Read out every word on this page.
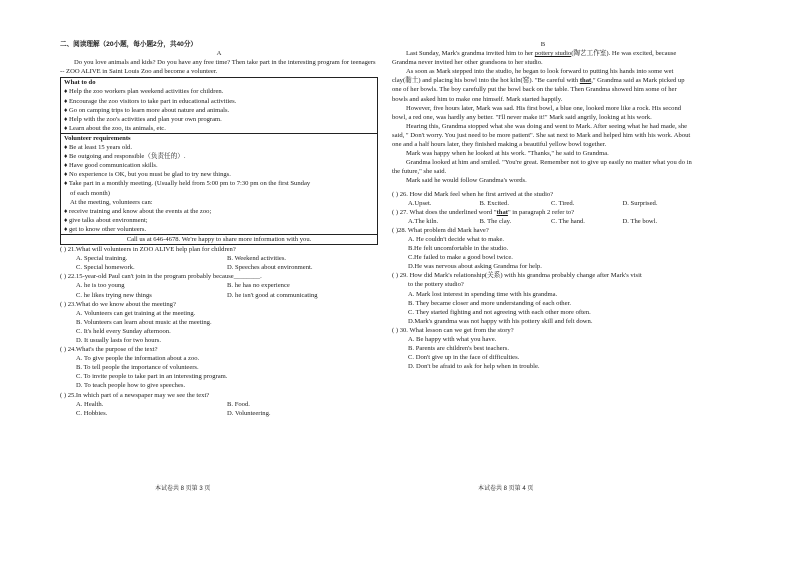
二、阅读理解（20小题，每小题2分，共40分）
A

Do you love animals and kids? Do you have any free time? Then take part in the interesting program for teenagers -- ZOO ALIVE in Saint Louis Zoo and become a volunteer.

What to do
♦ Help the zoo workers plan weekend activities for children.
♦ Encourage the zoo visitors to take part in educational activities.
♦ Go on camping trips to learn more about nature and animals.
♦ Help with the zoo's activities and plan your own program.
♦ Learn about the zoo, its animals, etc.
Volunteer requirements
♦ Be at least 15 years old.
♦ Be outgoing and responsible（负责任的）.
♦ Have good communication skills.
♦ No experience is OK, but you must be glad to try new things.
♦ Take part in a monthly meeting. (Usually held from 5:00 pm to 7:30 pm on the first Sunday
of each month)
At the meeting, volunteers can:
♦ receive training and know about the events at the zoo;
♦ give talks about environment;
♦ get to know other volunteers.
Call us at 646-4678. We're happy to share more information with you.
( ) 21.What will volunteers in ZOO ALIVE help plan for children?
A. Special training.	B. Weekend activities.
C. Special homework.	D. Speeches about environment.
( ) 22.15-year-old Paul can't join in the program probably because________.
A. he is too young	B. he has no experience
C. he likes trying new things	D. he isn't good at communicating
( ) 23.What do we know about the meeting?
A. Volunteers can get training at the meeting.
B. Volunteers can learn about music at the meeting.
C. It's held every Sunday afternoon.
D. It usually lasts for two hours.
( ) 24.What's the purpose of the text?
A. To give people the information about a zoo.
B. To tell people the importance of volunteers.
C. To invite people to take part in an interesting program.
D. To teach people how to give speeches.
( ) 25.In which part of a newspaper may we see the text?
A. Health.	B. Food.
C. Hobbies.	D. Volunteering.
B

Last Sunday, Mark's grandma invited him to her pottery studio(陶艺工作室). He was excited, because Grandma never invited her other grandsons to her studio.

As soon as Mark stepped into the studio, he began to look forward to putting his hands into some wet clay(黏土) and placing his bowl into the hot kiln(窑). "Be careful with that," Grandma said as Mark picked up one of her bowls. The boy carefully put the bowl back on the table. Then Grandma showed him some of her bowls and asked him to make one himself. Mark started happily.

However, five hours later, Mark was sad. His first bowl, a blue one, looked more like a rock. His second bowl, a red one, was hardly any better. "I'll never make it!" Mark said angrily, looking at his work.

Hearing this, Grandma stopped what she was doing and went to Mark. After seeing what he had made, she said, " Don't worry. You just need to be more patient". She sat next to Mark and helped him with his work. About one and a half hours later, they finished making a beautiful yellow bowl together.

Mark was happy when he looked at his work. "Thanks," he said to Grandma.

Grandma looked at him and smiled. "You're great. Remember not to give up easily no matter what you do in the future," she said.

Mark said he would follow Grandma's words.

( ) 26. How did Mark feel when he first arrived at the studio?
A.Upset.	B. Excited.	C. Tired.	D. Surprised.
( ) 27. What does the underlined word "that" in paragraph 2 refer to?
A.The kiln.	B. The clay.	C. The hand.	D. The bowl.
( )28. What problem did Mark have?
A. He couldn't decide what to make.
B.He felt uncomfortable in the studio.
C.He failed to make a good bowl twice.
D.He was nervous about asking Grandma for help.
( ) 29. How did Mark's relationship(关系) with his grandma probably change after Mark's visit
to the pottery studio?
A. Mark lost interest in spending time with his grandma.
B. They became closer and more understanding of each other.
C. They started fighting and not agreeing with each other more often.
D.Mark's grandma was not happy with his pottery skill and felt down.
( ) 30. What lesson can we get from the story?
A. Be happy with what you have.
B. Parents are children's best teachers.
C. Don't give up in the face of difficulties.
D. Don't be afraid to ask for help when in trouble.
本试卷共 8 页第 3 页	本试卷共 8 页第 4 页
